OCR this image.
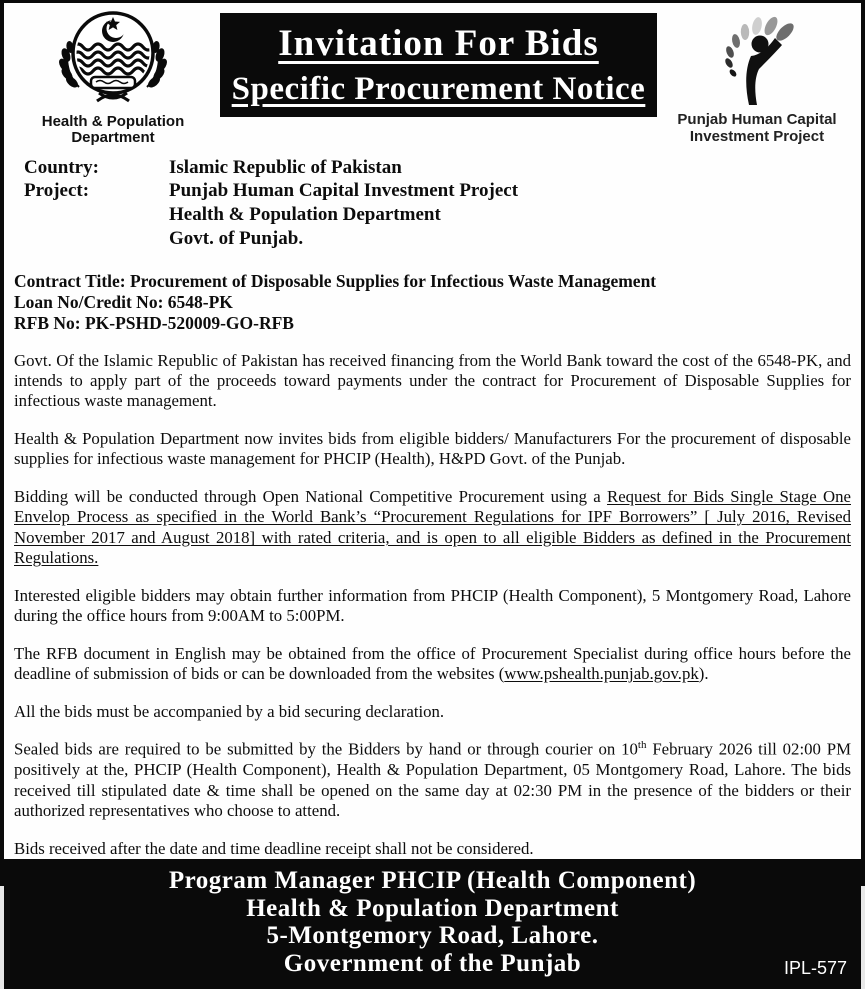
Health & Population
Department
Invitation For Bids
Specific Procurement Notice
Punjab Human Capital
Investment Project
Country:	Islamic Republic of Pakistan
Project:	Punjab Human Capital Investment Project
Health & Population Department
Govt. of Punjab.
Contract Title: Procurement of Disposable Supplies for Infectious Waste Management
Loan No/Credit No: 6548-PK
RFB No: PK-PSHD-520009-GO-RFB

Govt. Of the Islamic Republic of Pakistan has received financing from the World Bank toward the cost of the 6548-PK, and intends to apply part of the proceeds toward payments under the contract for Procurement of Disposable Supplies for infectious waste management.

Health & Population Department now invites bids from eligible bidders/ Manufacturers For the procurement of disposable supplies for infectious waste management for PHCIP (Health), H&PD Govt. of the Punjab.

Bidding will be conducted through Open National Competitive Procurement using a Request for Bids Single Stage One Envelop Process as specified in the World Bank’s “Procurement Regulations for IPF Borrowers” [ July 2016, Revised November 2017 and August 2018] with rated criteria, and is open to all eligible Bidders as defined in the Procurement Regulations.

Interested eligible bidders may obtain further information from PHCIP (Health Component), 5 Montgomery Road, Lahore during the office hours from 9:00AM to 5:00PM.

The RFB document in English may be obtained from the office of Procurement Specialist during office hours before the deadline of submission of bids or can be downloaded from the websites (www.pshealth.punjab.gov.pk).

All the bids must be accompanied by a bid securing declaration.

Sealed bids are required to be submitted by the Bidders by hand or through courier on 10th February 2026 till 02:00 PM positively at the, PHCIP (Health Component), Health & Population Department, 05 Montgomery Road, Lahore. The bids received till stipulated date & time shall be opened on the same day at 02:30 PM in the presence of the bidders or their authorized representatives who choose to attend.

Bids received after the date and time deadline receipt shall not be considered.

Program Manager PHCIP (Health Component)
Health & Population Department
5-Montgemory Road, Lahore.
Government of the Punjab	IPL-577
